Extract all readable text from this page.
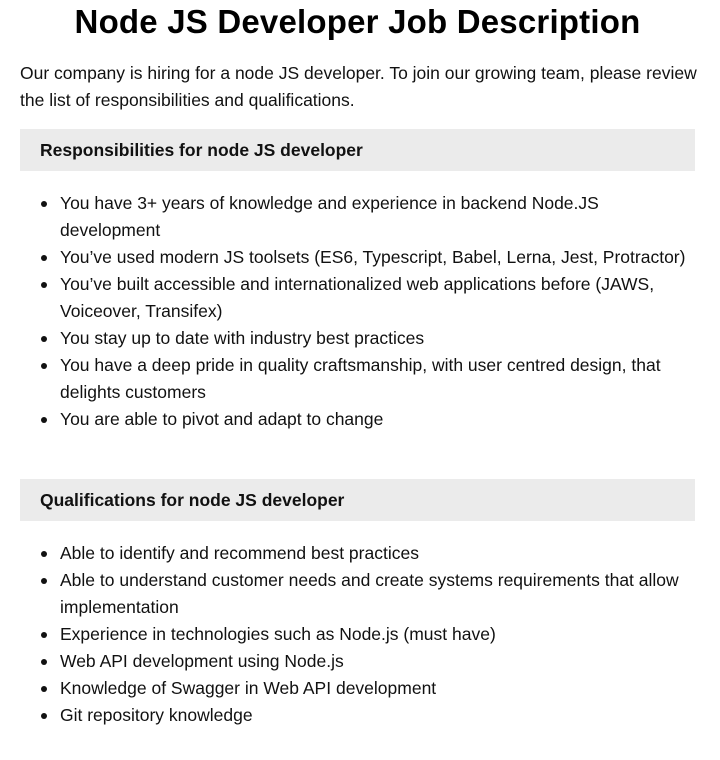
Node JS Developer Job Description

Our company is hiring for a node JS developer. To join our growing team, please review the list of responsibilities and qualifications.

Responsibilities for node JS developer
You have 3+ years of knowledge and experience in backend Node.JS development
You’ve used modern JS toolsets (ES6, Typescript, Babel, Lerna, Jest, Protractor)
You’ve built accessible and internationalized web applications before (JAWS, Voiceover, Transifex)
You stay up to date with industry best practices
You have a deep pride in quality craftsmanship, with user centred design, that delights customers
You are able to pivot and adapt to change
Qualifications for node JS developer
Able to identify and recommend best practices
Able to understand customer needs and create systems requirements that allow implementation
Experience in technologies such as Node.js (must have)
Web API development using Node.js
Knowledge of Swagger in Web API development
Git repository knowledge
